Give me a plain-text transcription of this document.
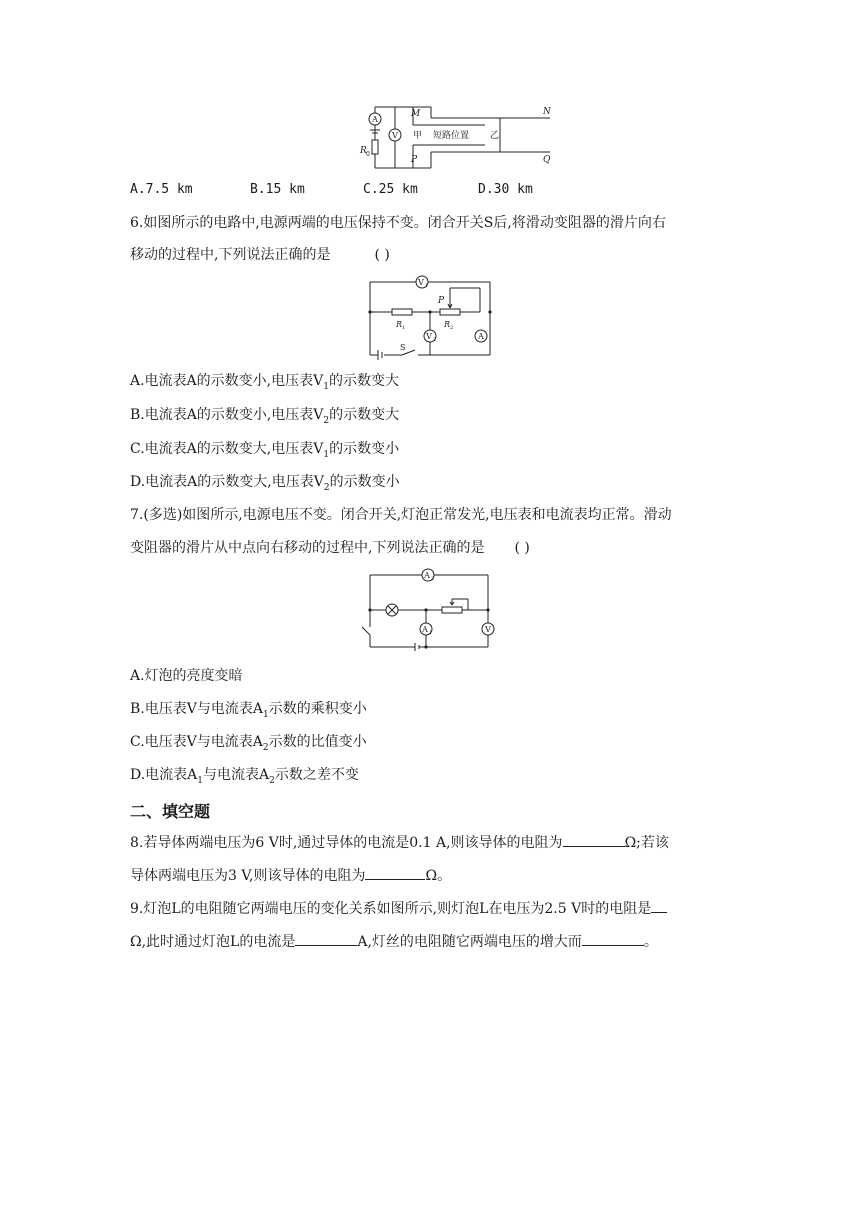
A
V
R 0
甲	乙
短路位置
M	N
P	Q
A.7.5 km	B.15 km	C.25 km	D.30 km
6.如图所示的电路中,电源两端的电压保持不变。闭合开关S后,将滑动变阻器的滑片向右
移动的过程中,下列说法正确的是	( )
V 1
V 2	A
R 1	R 2
P
S
A.电流表A的示数变小,电压表$V_1$的示数变大
B.电流表A的示数变小,电压表$V_2$的示数变大
C.电流表A的示数变大,电压表$V_1$的示数变小
D.电流表A的示数变大,电压表$V_2$的示数变小
7.(多选)如图所示,电源电压不变。闭合开关,灯泡正常发光,电压表和电流表均正常。滑动
变阻器的滑片从中点向右移动的过程中,下列说法正确的是 ( )
A 2
A 1	V
A.灯泡的亮度变暗
B.电压表V与电流表$A_1$示数的乘积变小
C.电压表V与电流表$A_2$示数的比值变小
D.电流表$A_1$与电流表$A_2$示数之差不变
二、填空题
8.若导体两端电压为6 V时,通过导体的电流是0.1 A,则该导体的电阻为	Ω;若该
导体两端电压为3 V,则该导体的电阻为	Ω。
9.灯泡L的电阻随它两端电压的变化关系如图所示,则灯泡L在电压为2.5 V时的电阻是
Ω,此时通过灯泡L的电流是	A,灯丝的电阻随它两端电压的增大而	。
